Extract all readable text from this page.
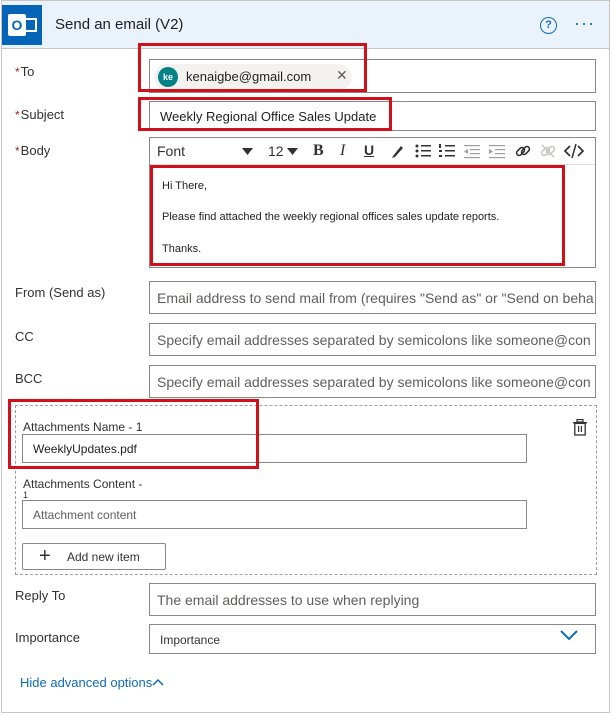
O Send an email (V2)	? ···
*To	ke	kenaigbe@gmail.com ✕
*Subject	Weekly Regional Office Sales Update
*Body	Font	12 B I U
Hi There,
Please find attached the weekly regional offices sales update reports.
Thanks.
From (Send as)	Email address to send mail from (requires "Send as" or "Send on beha
CC	Specify email addresses separated by semicolons like someone@con
BCC	Specify email addresses separated by semicolons like someone@con
Attachments Name - 1
WeeklyUpdates.pdf
Attachments Content -
1
Attachment content
+ Add new item
Reply To	The email addresses to use when replying
Importance	Importance
Hide advanced options
